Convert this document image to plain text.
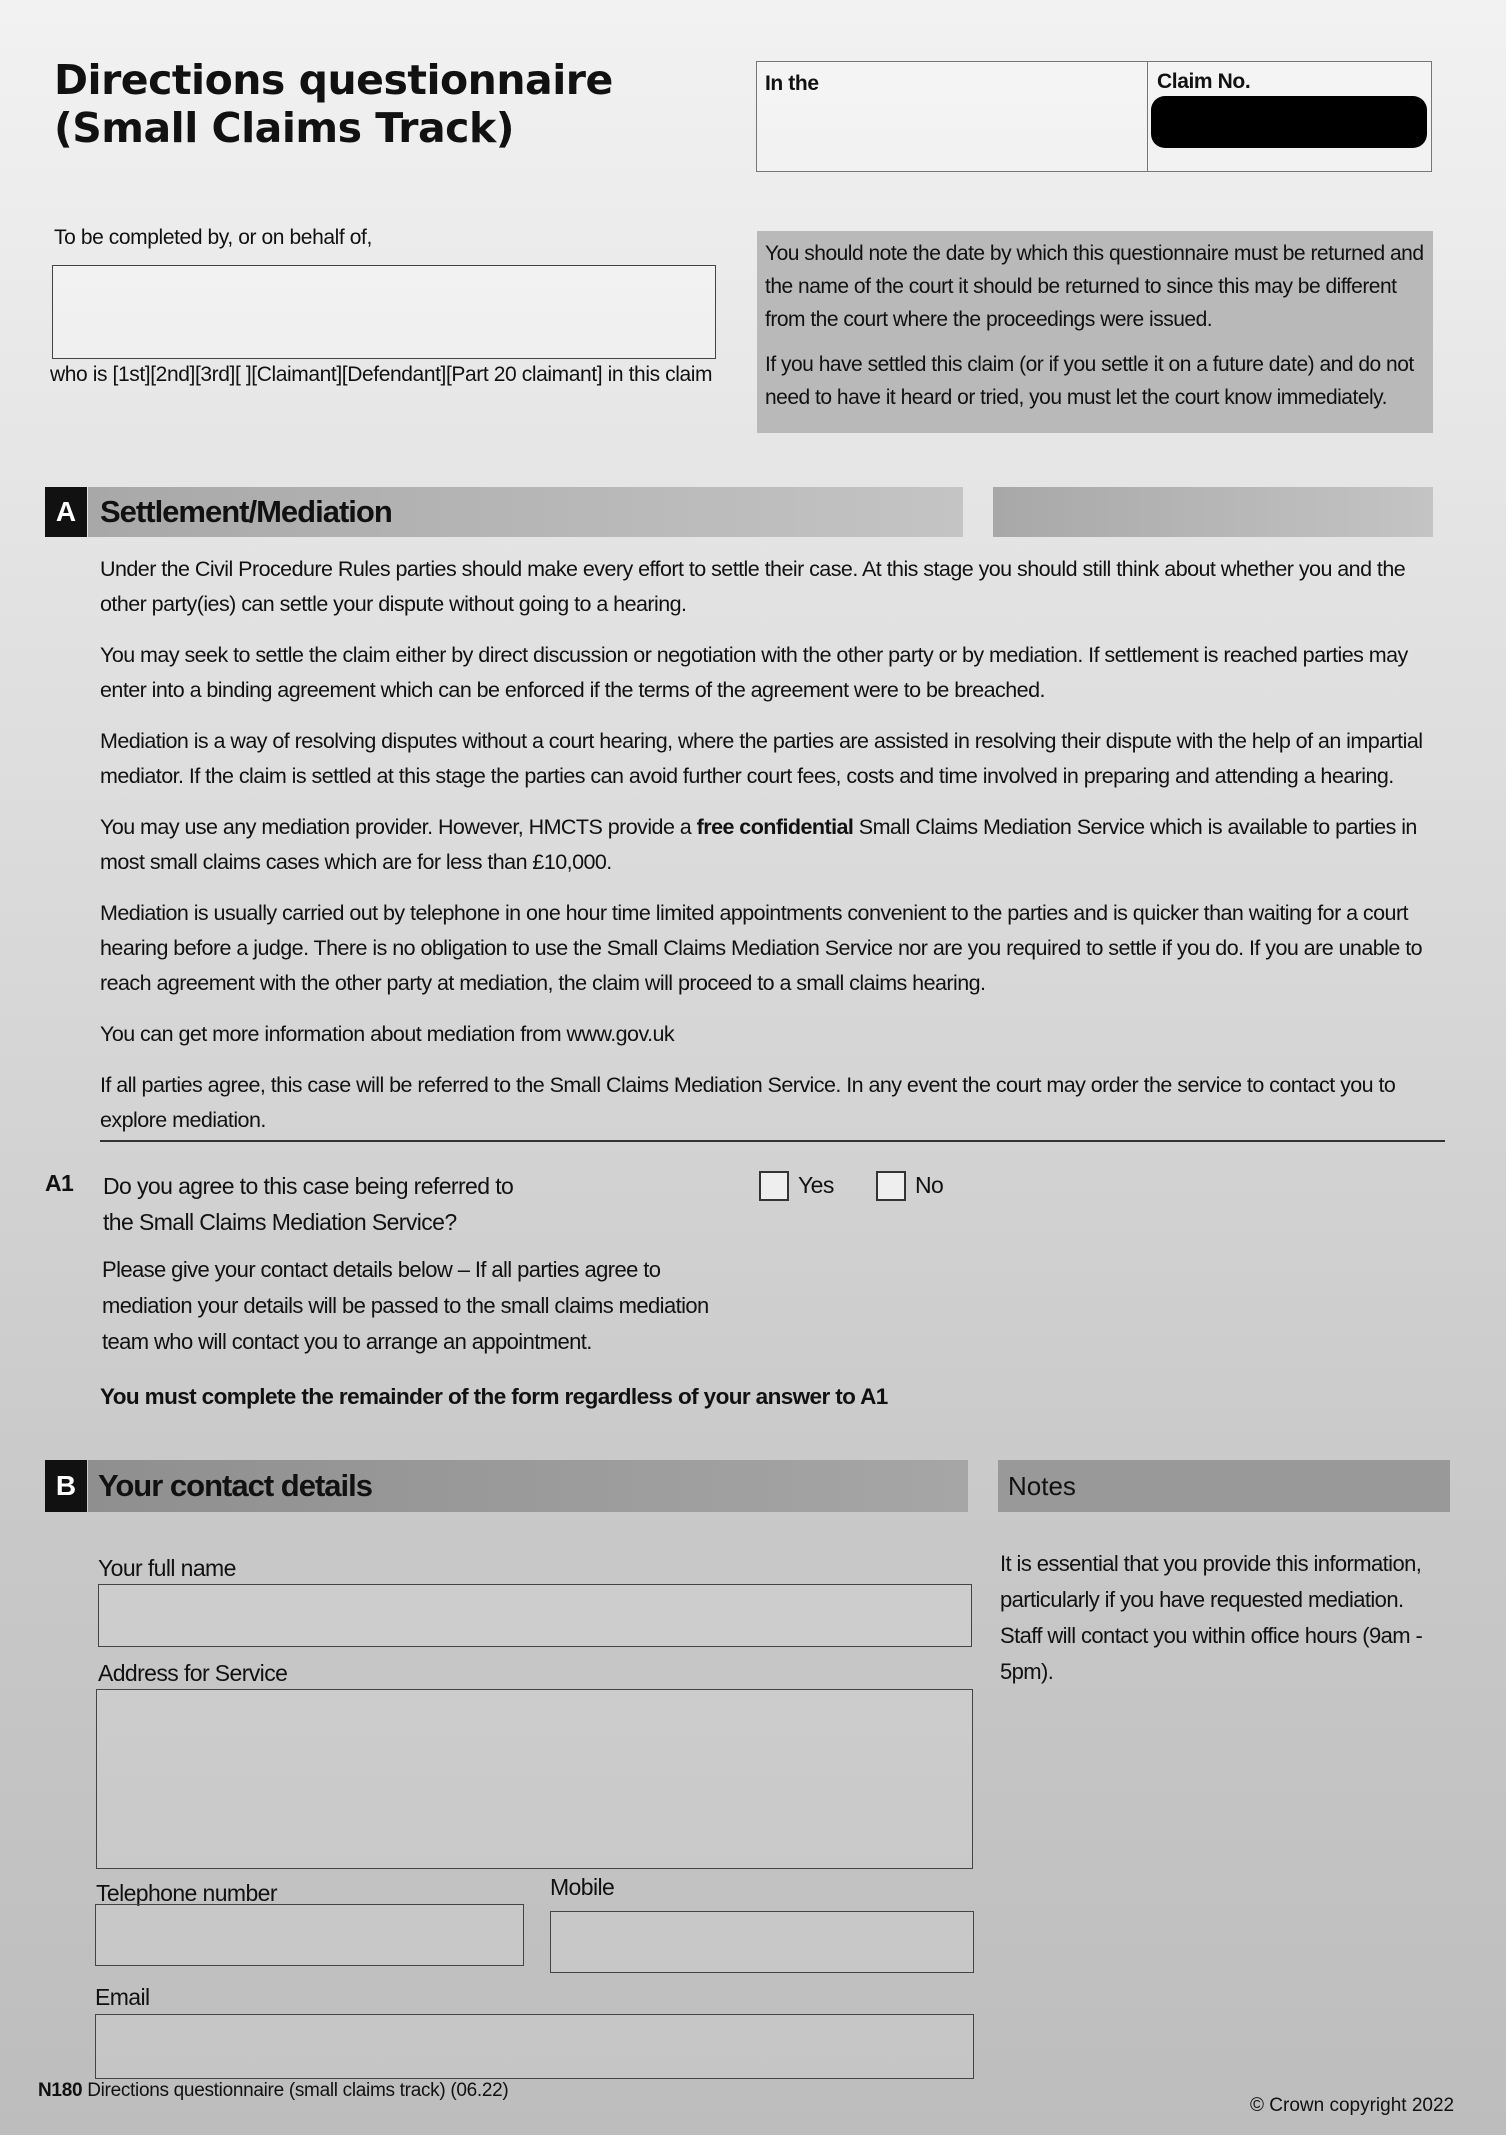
Directions questionnaire
(Small Claims Track)
In the	Claim No.
To be completed by, or on behalf of,
who is [1st][2nd][3rd][ ][Claimant][Defendant][Part 20 claimant] in this claim

You should note the date by which this questionnaire must be returned and the name of the court it should be returned to since this may be different from the court where the proceedings were issued.

If you have settled this claim (or if you settle it on a future date) and do not need to have it heard or tried, you must let the court know immediately.

A Settlement/Mediation

Under the Civil Procedure Rules parties should make every effort to settle their case. At this stage you should still think about whether you and the other party(ies) can settle your dispute without going to a hearing.

You may seek to settle the claim either by direct discussion or negotiation with the other party or by mediation. If settlement is reached parties may enter into a binding agreement which can be enforced if the terms of the agreement were to be breached.

Mediation is a way of resolving disputes without a court hearing, where the parties are assisted in resolving their dispute with the help of an impartial mediator. If the claim is settled at this stage the parties can avoid further court fees, costs and time involved in preparing and attending a hearing.

You may use any mediation provider. However, HMCTS provide a free confidential Small Claims Mediation Service which is available to parties in most small claims cases which are for less than £10,000.

Mediation is usually carried out by telephone in one hour time limited appointments convenient to the parties and is quicker than waiting for a court hearing before a judge. There is no obligation to use the Small Claims Mediation Service nor are you required to settle if you do. If you are unable to reach agreement with the other party at mediation, the claim will proceed to a small claims hearing.

You can get more information about mediation from www.gov.uk

If all parties agree, this case will be referred to the Small Claims Mediation Service. In any event the court may order the service to contact you to explore mediation.

A1 Do you agree to this case being referred to the Small Claims Mediation Service?
Yes	No
Please give your contact details below – If all parties agree to mediation your details will be passed to the small claims mediation team who will contact you to arrange an appointment.
You must complete the remainder of the form regardless of your answer to A1
B Your contact details	Notes
It is essential that you provide this information, particularly if you have requested mediation. Staff will contact you within office hours (9am - 5pm).
Your full name
Address for Service
Telephone number	Mobile
Email
N180 Directions questionnaire (small claims track) (06.22)
© Crown copyright 2022
